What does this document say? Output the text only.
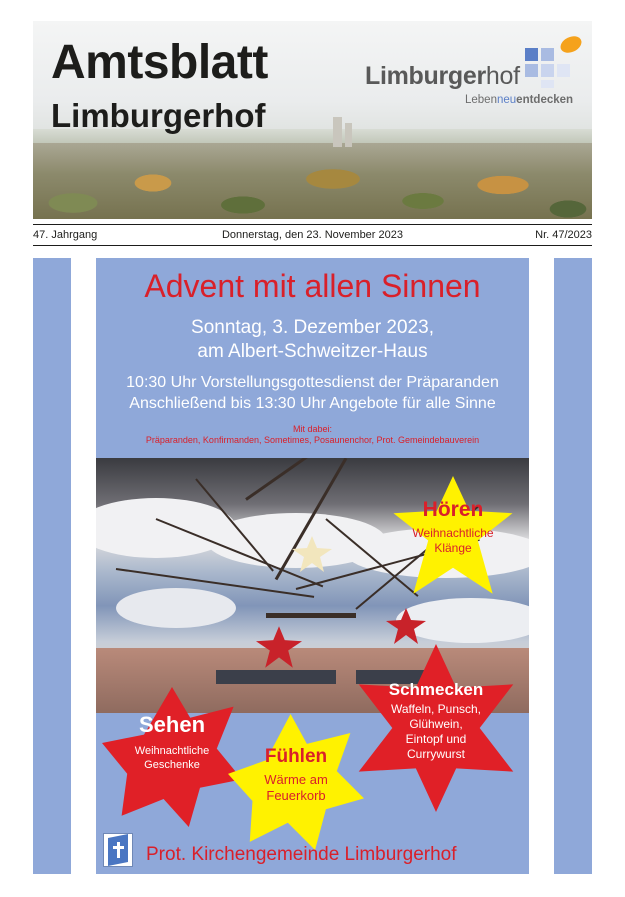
Amtsblatt
Limburgerhof
Limburgerhof
Lebenneuentdecken
47. Jahrgang	Donnerstag, den 23. November 2023	Nr. 47/2023
Advent mit allen Sinnen
Sonntag, 3. Dezember 2023,
am Albert-Schweitzer-Haus
10:30 Uhr Vorstellungsgottesdienst der Präparanden
Anschließend bis 13:30 Uhr Angebote für alle Sinne
Mit dabei:
Präparanden, Konfirmanden, Sometimes, Posaunenchor, Prot. Gemeindebauverein
Hören
Weihnachtliche
Klänge
Schmecken
Waffeln, Punsch,
Glühwein,
Eintopf und
Currywurst
Sehen
Weihnachtliche
Geschenke	Fühlen
Wärme am
Feuerkorb
Prot. Kirchengemeinde Limburgerhof
